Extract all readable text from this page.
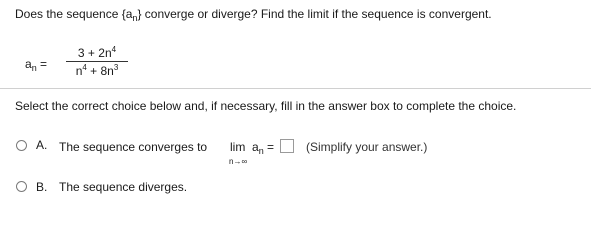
Does the sequence $\{a_n\}$ converge or diverge? Find the limit if the sequence is convergent.
$a_n$ =
$3 + 2n^4$
$n^4 + 8n^3$
Select the correct choice below and, if necessary, fill in the answer box to complete the choice.
A. The sequence converges to $\lim a_n$ =
n→∞
(Simplify your answer.)
B. The sequence diverges.
